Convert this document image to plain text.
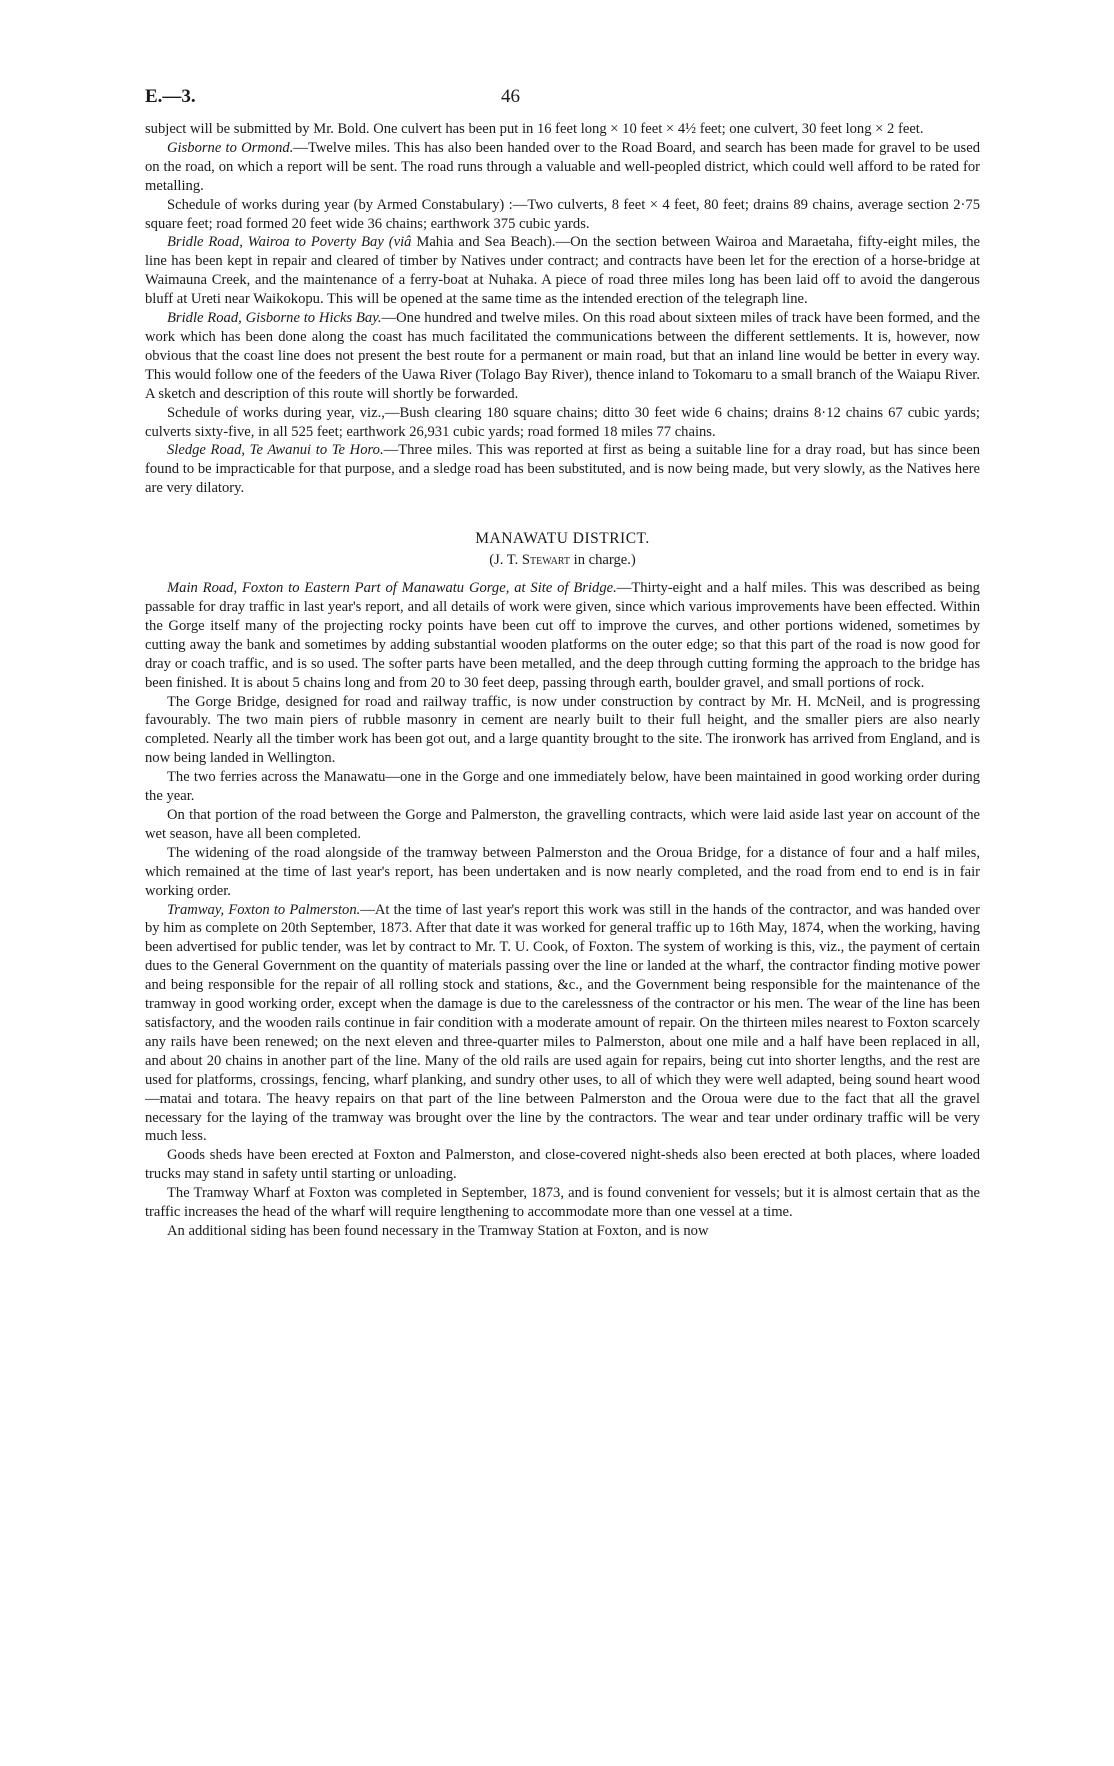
E.—3.	46

subject will be submitted by Mr. Bold. One culvert has been put in 16 feet long × 10 feet × 4½ feet; one culvert, 30 feet long × 2 feet.

Gisborne to Ormond.—Twelve miles. This has also been handed over to the Road Board, and search has been made for gravel to be used on the road, on which a report will be sent. The road runs through a valuable and well-peopled district, which could well afford to be rated for metalling.

Schedule of works during year (by Armed Constabulary) :—Two culverts, 8 feet × 4 feet, 80 feet; drains 89 chains, average section 2·75 square feet; road formed 20 feet wide 36 chains; earthwork 375 cubic yards.

Bridle Road, Wairoa to Poverty Bay (viâ Mahia and Sea Beach).—On the section between Wairoa and Maraetaha, fifty-eight miles, the line has been kept in repair and cleared of timber by Natives under contract; and contracts have been let for the erection of a horse-bridge at Waimauna Creek, and the maintenance of a ferry-boat at Nuhaka. A piece of road three miles long has been laid off to avoid the dangerous bluff at Ureti near Waikokopu. This will be opened at the same time as the intended erection of the telegraph line.

Bridle Road, Gisborne to Hicks Bay.—One hundred and twelve miles. On this road about sixteen miles of track have been formed, and the work which has been done along the coast has much facilitated the communications between the different settlements. It is, however, now obvious that the coast line does not present the best route for a permanent or main road, but that an inland line would be better in every way. This would follow one of the feeders of the Uawa River (Tolago Bay River), thence inland to Tokomaru to a small branch of the Waiapu River. A sketch and description of this route will shortly be forwarded.

Schedule of works during year, viz.,—Bush clearing 180 square chains; ditto 30 feet wide 6 chains; drains 8·12 chains 67 cubic yards; culverts sixty-five, in all 525 feet; earthwork 26,931 cubic yards; road formed 18 miles 77 chains.

Sledge Road, Te Awanui to Te Horo.—Three miles. This was reported at first as being a suitable line for a dray road, but has since been found to be impracticable for that purpose, and a sledge road has been substituted, and is now being made, but very slowly, as the Natives here are very dilatory.

MANAWATU DISTRICT.
(J. T. Stewart in charge.)

Main Road, Foxton to Eastern Part of Manawatu Gorge, at Site of Bridge.—Thirty-eight and a half miles. This was described as being passable for dray traffic in last year's report, and all details of work were given, since which various improvements have been effected. Within the Gorge itself many of the projecting rocky points have been cut off to improve the curves, and other portions widened, sometimes by cutting away the bank and sometimes by adding substantial wooden platforms on the outer edge; so that this part of the road is now good for dray or coach traffic, and is so used. The softer parts have been metalled, and the deep through cutting forming the approach to the bridge has been finished. It is about 5 chains long and from 20 to 30 feet deep, passing through earth, boulder gravel, and small portions of rock.

The Gorge Bridge, designed for road and railway traffic, is now under construction by contract by Mr. H. McNeil, and is progressing favourably. The two main piers of rubble masonry in cement are nearly built to their full height, and the smaller piers are also nearly completed. Nearly all the timber work has been got out, and a large quantity brought to the site. The ironwork has arrived from England, and is now being landed in Wellington.

The two ferries across the Manawatu—one in the Gorge and one immediately below, have been maintained in good working order during the year.

On that portion of the road between the Gorge and Palmerston, the gravelling contracts, which were laid aside last year on account of the wet season, have all been completed.

The widening of the road alongside of the tramway between Palmerston and the Oroua Bridge, for a distance of four and a half miles, which remained at the time of last year's report, has been undertaken and is now nearly completed, and the road from end to end is in fair working order.

Tramway, Foxton to Palmerston.—At the time of last year's report this work was still in the hands of the contractor, and was handed over by him as complete on 20th September, 1873. After that date it was worked for general traffic up to 16th May, 1874, when the working, having been advertised for public tender, was let by contract to Mr. T. U. Cook, of Foxton. The system of working is this, viz., the payment of certain dues to the General Government on the quantity of materials passing over the line or landed at the wharf, the contractor finding motive power and being responsible for the repair of all rolling stock and stations, &c., and the Government being responsible for the maintenance of the tramway in good working order, except when the damage is due to the carelessness of the contractor or his men. The wear of the line has been satisfactory, and the wooden rails continue in fair condition with a moderate amount of repair. On the thirteen miles nearest to Foxton scarcely any rails have been renewed; on the next eleven and three-quarter miles to Palmerston, about one mile and a half have been replaced in all, and about 20 chains in another part of the line. Many of the old rails are used again for repairs, being cut into shorter lengths, and the rest are used for platforms, crossings, fencing, wharf planking, and sundry other uses, to all of which they were well adapted, being sound heart wood—matai and totara. The heavy repairs on that part of the line between Palmerston and the Oroua were due to the fact that all the gravel necessary for the laying of the tramway was brought over the line by the contractors. The wear and tear under ordinary traffic will be very much less.

Goods sheds have been erected at Foxton and Palmerston, and close-covered night-sheds also been erected at both places, where loaded trucks may stand in safety until starting or unloading.

The Tramway Wharf at Foxton was completed in September, 1873, and is found convenient for vessels; but it is almost certain that as the traffic increases the head of the wharf will require lengthening to accommodate more than one vessel at a time.

An additional siding has been found necessary in the Tramway Station at Foxton, and is now
